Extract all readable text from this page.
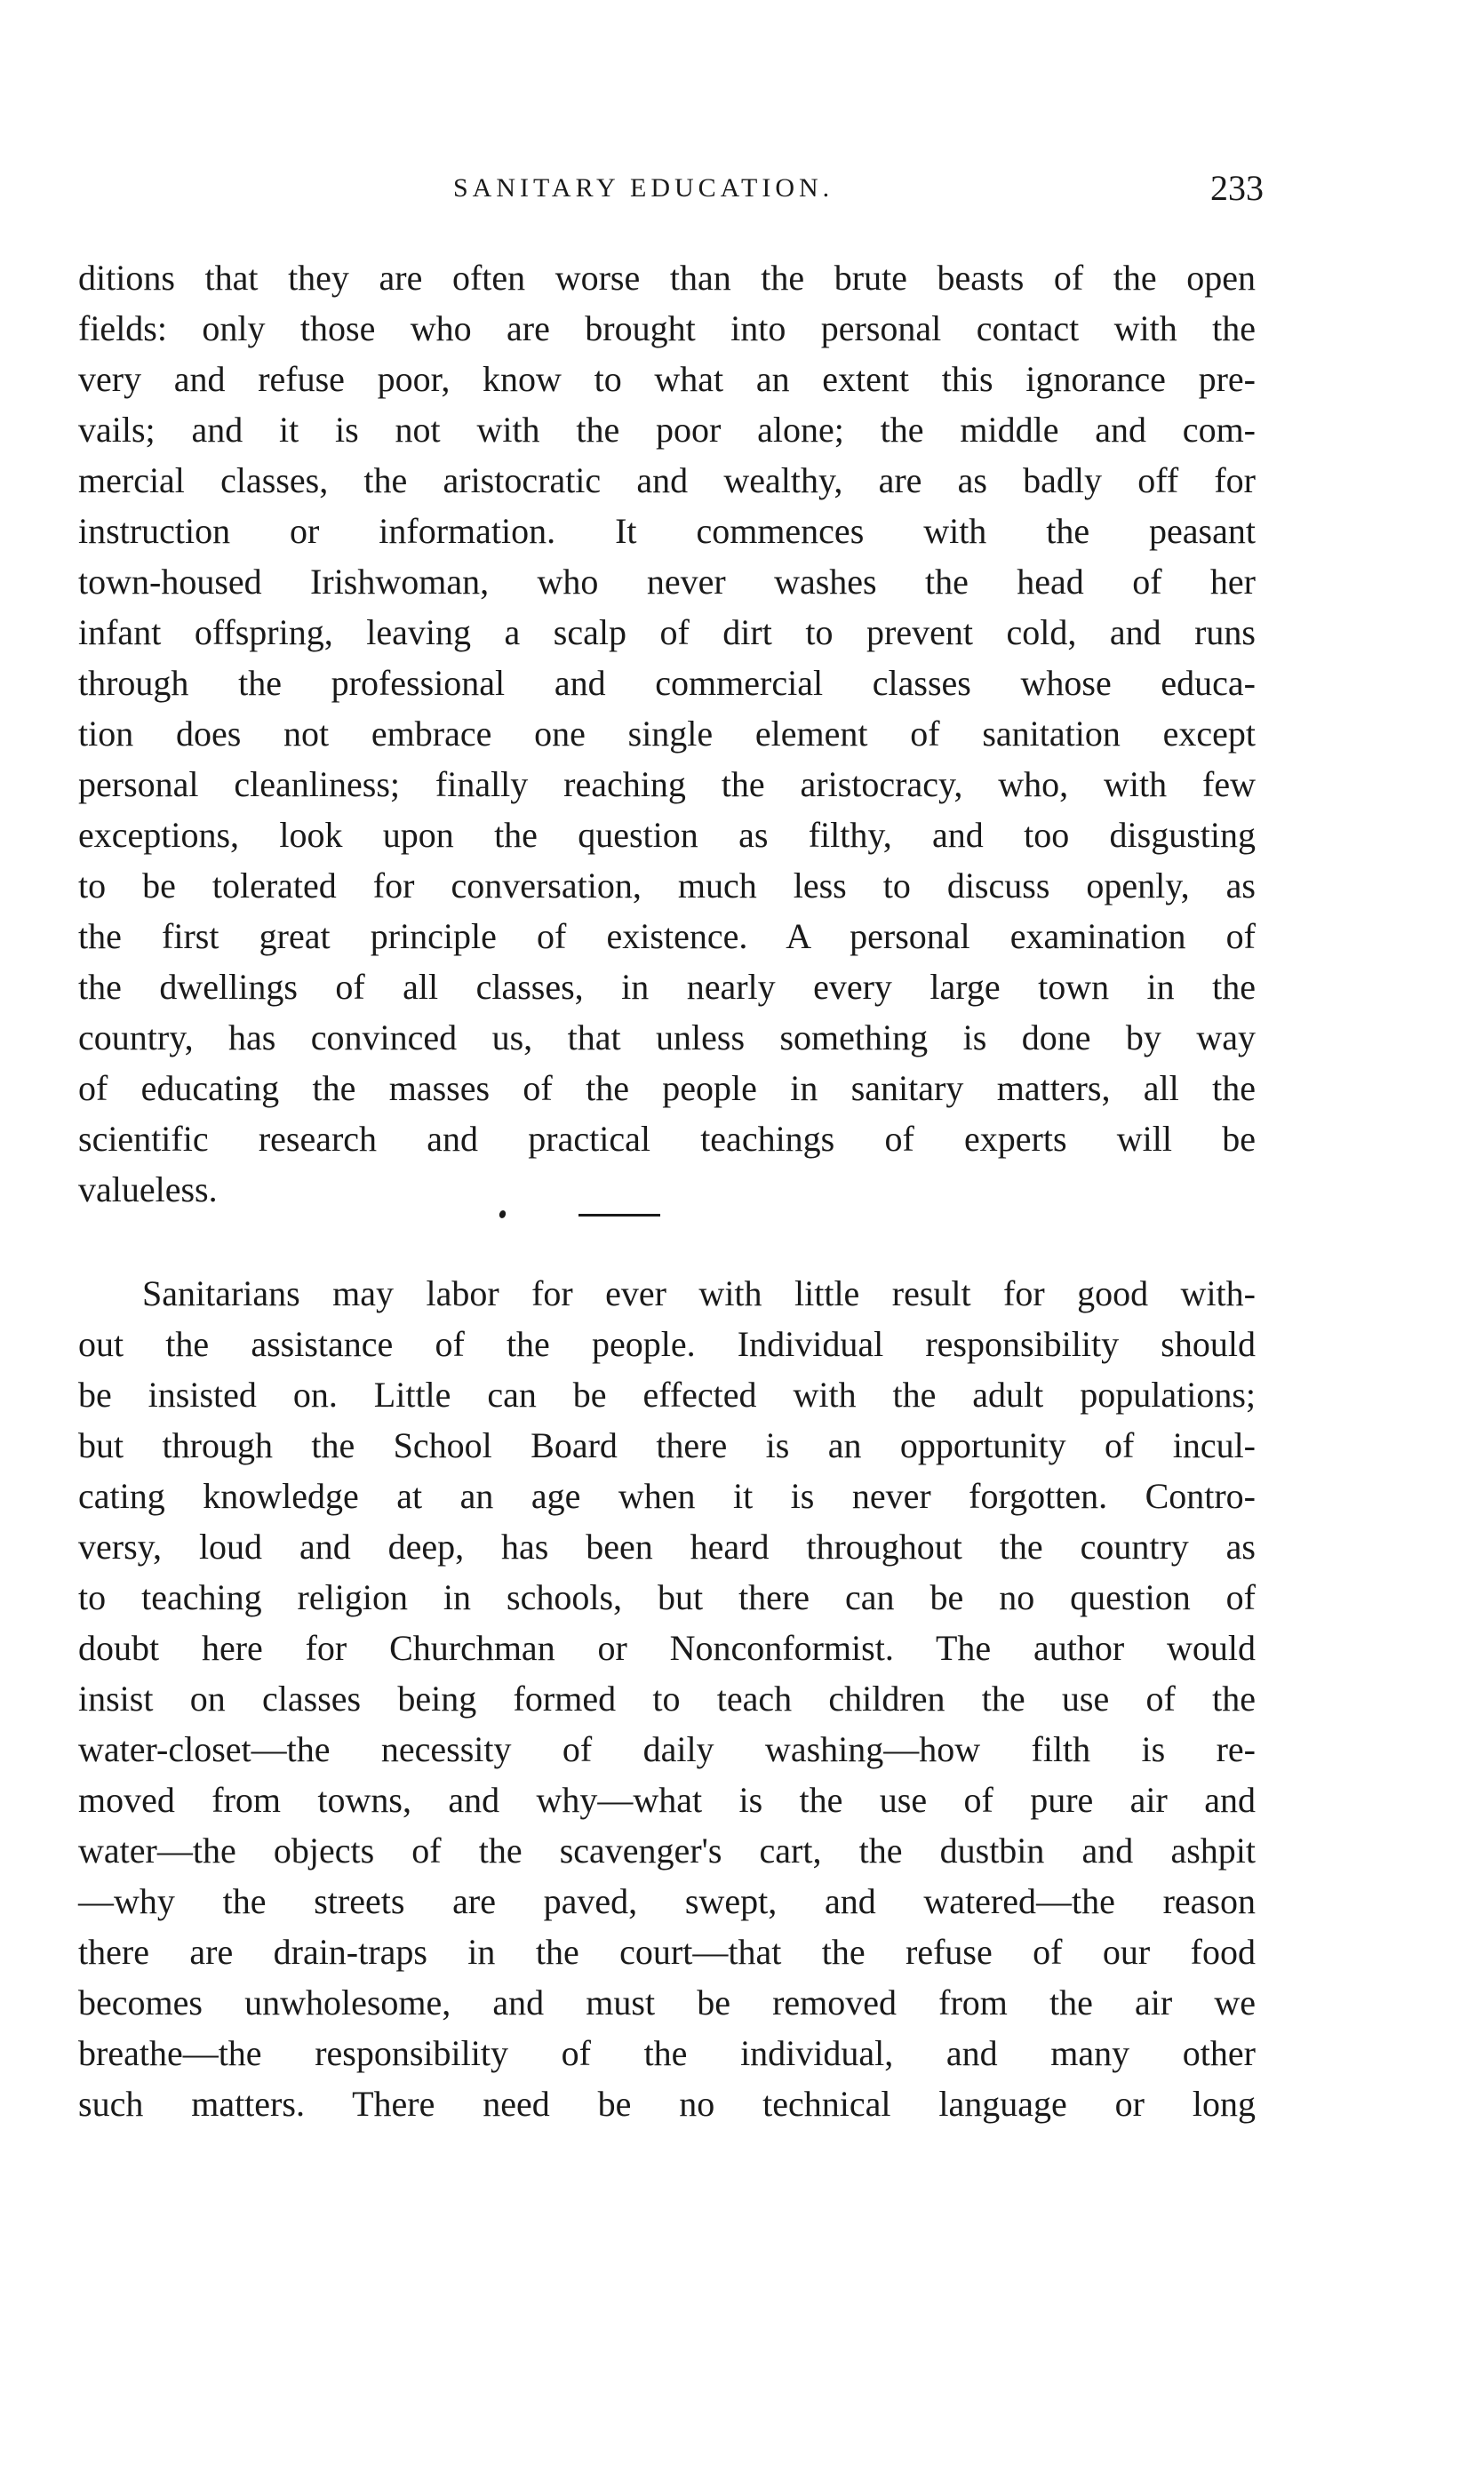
SANITARY EDUCATION.	233
ditions that they are often worse than the brute beasts of the open
fields: only those who are brought into personal contact with the
very and refuse poor, know to what an extent this ignorance pre-
vails; and it is not with the poor alone; the middle and com-
mercial classes, the aristocratic and wealthy, are as badly off for
instruction or information. It commences with the peasant
town-housed Irishwoman, who never washes the head of her
infant offspring, leaving a scalp of dirt to prevent cold, and runs
through the professional and commercial classes whose educa-
tion does not embrace one single element of sanitation except
personal cleanliness; finally reaching the aristocracy, who, with few
exceptions, look upon the question as filthy, and too disgusting
to be tolerated for conversation, much less to discuss openly, as
the first great principle of existence. A personal examination of
the dwellings of all classes, in nearly every large town in the
country, has convinced us, that unless something is done by way
of educating the masses of the people in sanitary matters, all the
scientific research and practical teachings of experts will be
valueless.
Sanitarians may labor for ever with little result for good with-
out the assistance of the people. Individual responsibility should
be insisted on. Little can be effected with the adult populations;
but through the School Board there is an opportunity of incul-
cating knowledge at an age when it is never forgotten. Contro-
versy, loud and deep, has been heard throughout the country as
to teaching religion in schools, but there can be no question of
doubt here for Churchman or Nonconformist. The author would
insist on classes being formed to teach children the use of the
water-closet—the necessity of daily washing—how filth is re-
moved from towns, and why—what is the use of pure air and
water—the objects of the scavenger's cart, the dustbin and ashpit
—why the streets are paved, swept, and watered—the reason
there are drain-traps in the court—that the refuse of our food
becomes unwholesome, and must be removed from the air we
breathe—the responsibility of the individual, and many other
such matters. There need be no technical language or long
